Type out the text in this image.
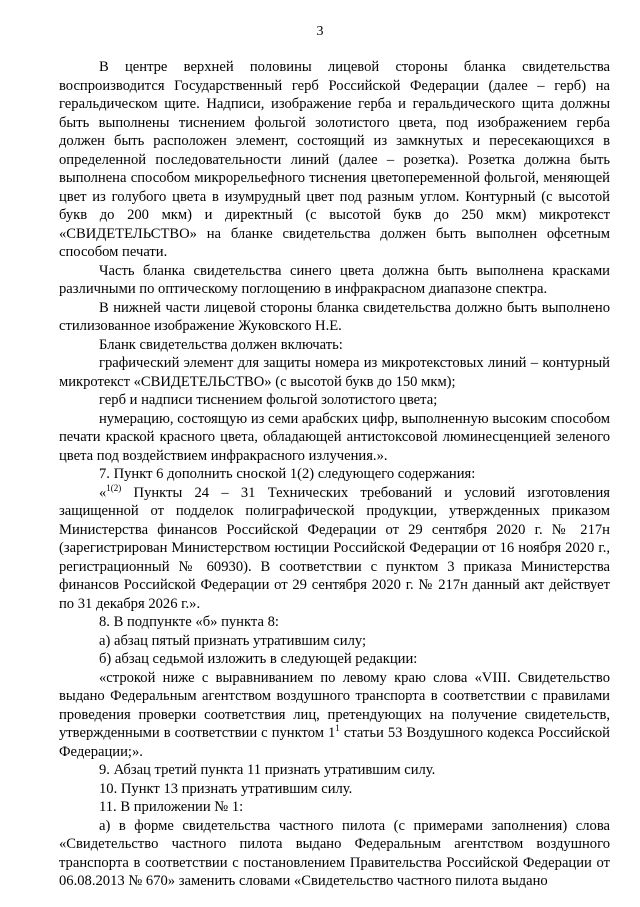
3

В центре верхней половины лицевой стороны бланка свидетельства воспроизводится Государственный герб Российской Федерации (далее – герб) на геральдическом щите. Надписи, изображение герба и геральдического щита должны быть выполнены тиснением фольгой золотистого цвета, под изображением герба должен быть расположен элемент, состоящий из замкнутых и пересекающихся в определенной последовательности линий (далее – розетка). Розетка должна быть выполнена способом микрорельефного тиснения цветопеременной фольгой, меняющей цвет из голубого цвета в изумрудный цвет под разным углом. Контурный (с высотой букв до 200 мкм) и директный (с высотой букв до 250 мкм) микротекст «СВИДЕТЕЛЬСТВО» на бланке свидетельства должен быть выполнен офсетным способом печати.

Часть бланка свидетельства синего цвета должна быть выполнена красками различными по оптическому поглощению в инфракрасном диапазоне спектра.

В нижней части лицевой стороны бланка свидетельства должно быть выполнено стилизованное изображение Жуковского Н.Е.

Бланк свидетельства должен включать:

графический элемент для защиты номера из микротекстовых линий – контурный микротекст «СВИДЕТЕЛЬСТВО» (с высотой букв до 150 мкм);

герб и надписи тиснением фольгой золотистого цвета;

нумерацию, состоящую из семи арабских цифр, выполненную высоким способом печати краской красного цвета, обладающей антистоксовой люминесценцией зеленого цвета под воздействием инфракрасного излучения.».

7. Пункт 6 дополнить сноской 1(2) следующего содержания:

«$^{1(2)}$ Пункты 24 – 31 Технических требований и условий изготовления защищенной от подделок полиграфической продукции, утвержденных приказом Министерства финансов Российской Федерации от 29 сентября 2020 г. № 217н (зарегистрирован Министерством юстиции Российской Федерации от 16 ноября 2020 г., регистрационный № 60930). В соответствии с пунктом 3 приказа Министерства финансов Российской Федерации от 29 сентября 2020 г. № 217н данный акт действует по 31 декабря 2026 г.».

8. В подпункте «б» пункта 8:

а) абзац пятый признать утратившим силу;

б) абзац седьмой изложить в следующей редакции:

«строкой ниже с выравниванием по левому краю слова «VIII. Свидетельство выдано Федеральным агентством воздушного транспорта в соответствии с правилами проведения проверки соответствия лиц, претендующих на получение свидетельств, утвержденными в соответствии с пунктом $1^1$ статьи 53 Воздушного кодекса Российской Федерации;».

9. Абзац третий пункта 11 признать утратившим силу.

10. Пункт 13 признать утратившим силу.

11. В приложении № 1:

а) в форме свидетельства частного пилота (с примерами заполнения) слова «Свидетельство частного пилота выдано Федеральным агентством воздушного транспорта в соответствии с постановлением Правительства Российской Федерации от 06.08.2013 № 670» заменить словами «Свидетельство частного пилота выдано
